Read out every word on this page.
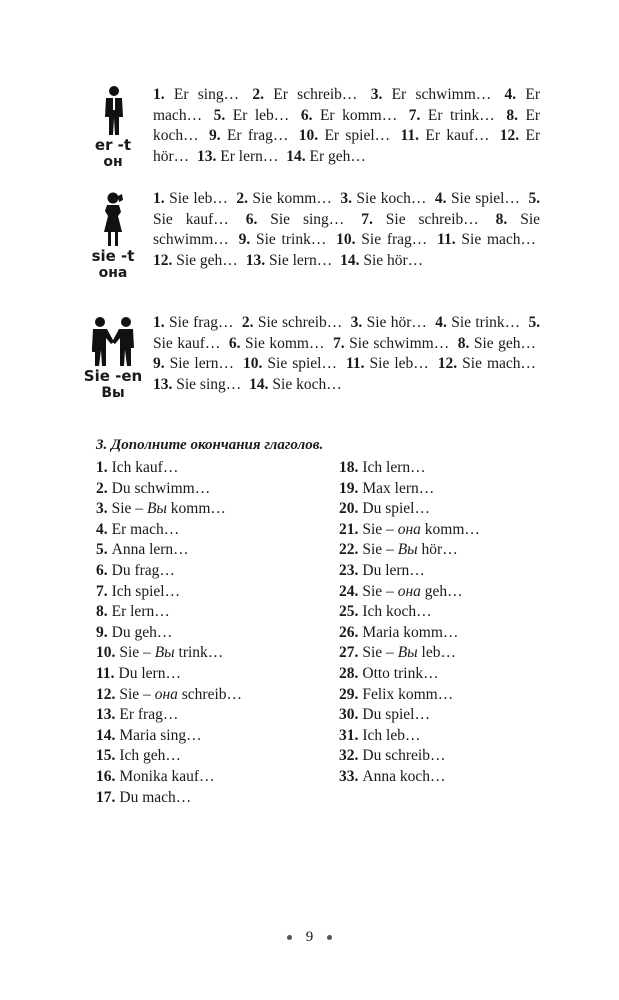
er -t
он
1. Er sing… 2. Er schreib… 3. Er schwimm… 4. Er mach… 5. Er leb… 6. Er komm… 7. Er trink… 8. Er koch… 9. Er frag… 10. Er spiel… 11. Er kauf… 12. Er hör… 13. Er lern… 14. Er geh…
sie -t
она
1. Sie leb… 2. Sie komm… 3. Sie koch… 4. Sie spiel… 5. Sie kauf… 6. Sie sing… 7. Sie schreib… 8. Sie schwimm… 9. Sie trink… 10. Sie frag… 11. Sie mach… 12. Sie geh… 13. Sie lern… 14. Sie hör…
Sie -en
Вы
1. Sie frag… 2. Sie schreib… 3. Sie hör… 4. Sie trink… 5. Sie kauf… 6. Sie komm… 7. Sie schwimm… 8. Sie geh… 9. Sie lern… 10. Sie spiel… 11. Sie leb… 12. Sie mach… 13. Sie sing… 14. Sie koch…
3. Дополните окончания глаголов.
1. Ich kauf…
2. Du schwimm…
3. Sie – Вы komm…
4. Er mach…
5. Anna lern…
6. Du frag…
7. Ich spiel…
8. Er lern…
9. Du geh…
10. Sie – Вы trink…
11. Du lern…
12. Sie – она schreib…
13. Er frag…
14. Maria sing…
15. Ich geh…
16. Monika kauf…
17. Du mach…
18. Ich lern…
19. Max lern…
20. Du spiel…
21. Sie – она komm…
22. Sie – Вы hör…
23. Du lern…
24. Sie – она geh…
25. Ich koch…
26. Maria komm…
27. Sie – Вы leb…
28. Otto trink…
29. Felix komm…
30. Du spiel…
31. Ich leb…
32. Du schreib…
33. Anna koch…
9
